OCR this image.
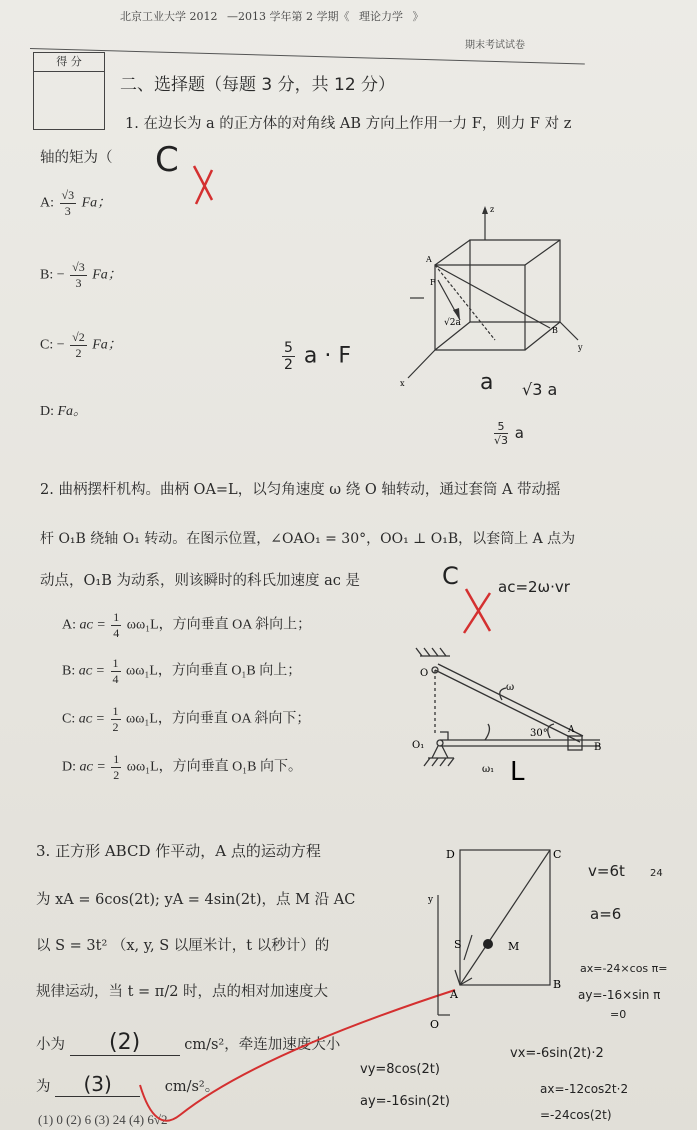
北京工业大学 2012 —2013 学年第 2 学期《 理论力学 》
期末考试试卷
得 分
二、选择题（每题 3 分，共 12 分）
1. 在边长为 a 的正方体的对角线 AB 方向上作用一力 F，则力 F 对 z
轴的矩为（ C
A: $\frac{√3}{3}$ Fa；
B: − $\frac{√3}{3}$ Fa；
C: − $\frac{√2}{2}$ Fa；
D: Fa。
$\frac{5}{2}$ a · F
a √3 a
$\frac{5}{√3}$ a
A
B
F
√2a
x
y
z
2. 曲柄摆杆机构。曲柄 OA=L，以匀角速度 ω 绕 O 轴转动，通过套筒 A 带动摇
杆 O₁B 绕轴 O₁ 转动。在图示位置，∠OAO₁ = 30°，OO₁ ⊥ O₁B，以套筒上 A 点为
动点，O₁B 为动系，则该瞬时的科氏加速度 aᴄ 是	C	aᴄ=2ω·vr
A: aᴄ = $\frac{1}{4} \omega\omega_1L$，方向垂直 OA 斜向上；
B: aᴄ = $\frac{1}{4} \omega\omega_1L$，方向垂直 O₁B 向上；
C: aᴄ = $\frac{1}{2} \omega\omega_1L$，方向垂直 OA 斜向下；
D: aᴄ = $\frac{1}{2} \omega\omega_1L$，方向垂直 O₁B 向下。
O
O₁
A
B
ω
ω₁
30°
L
3. 正方形 ABCD 作平动，A 点的运动方程
为 xA = 6cos(2t); yA = 4sin(2t)，点 M 沿 AC
以 S = 3t² （x, y, S 以厘米计，t 以秒计）的
规律运动，当 t = π/2 时，点的相对加速度大
小为 (2)	cm/s²，牵连加速度大小
为 (3)	cm/s²。
(1) 0 (2) 6 (3) 24 (4) 6√2
D	C
A
B
M
S
O
y
v=6t	24
a=6
ax=-24×cos π=
ay=-16×sin π
=0
vx=-6sin(2t)·2
vy=8cos(2t)
ax=-12cos2t·2
ay=-16sin(2t)
=-24cos(2t)
